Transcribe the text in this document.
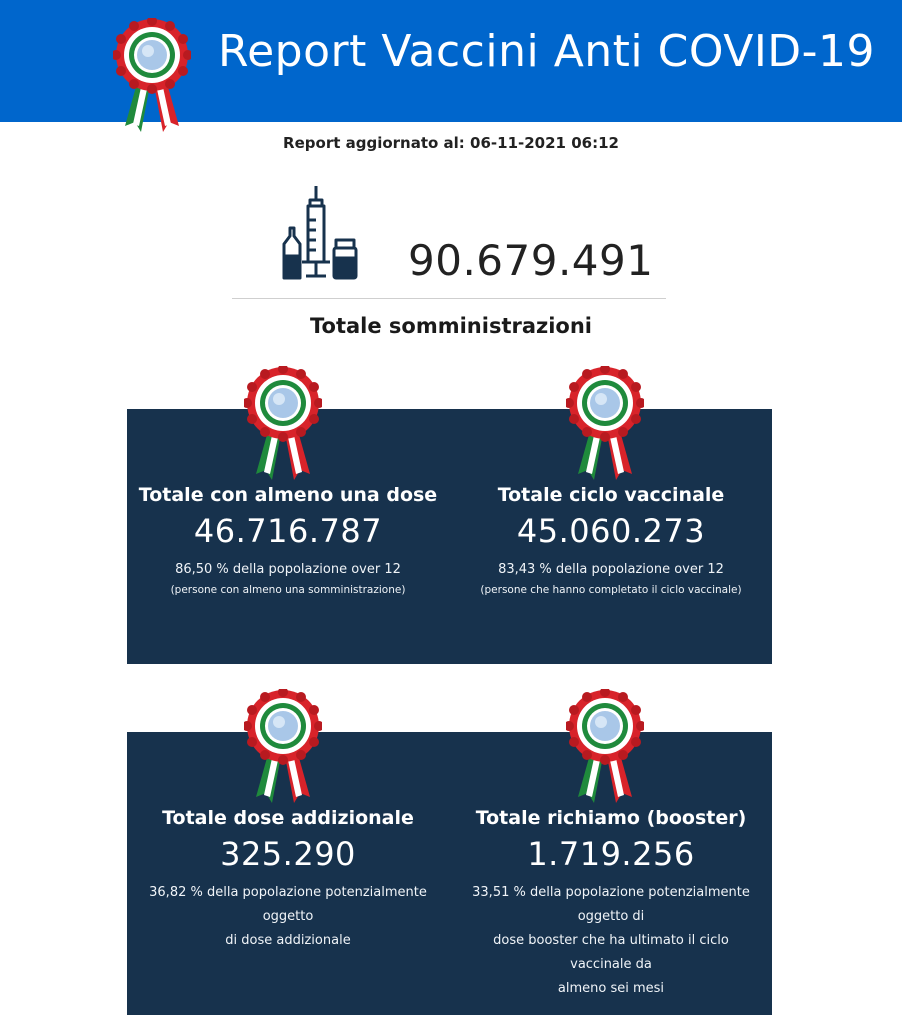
Report Vaccini Anti COVID-19
Report aggiornato al: 06-11-2021 06:12
90.679.491
Totale somministrazioni
Totale con almeno una dose
46.716.787
86,50 % della popolazione over 12
(persone con almeno una somministrazione)
Totale ciclo vaccinale
45.060.273
83,43 % della popolazione over 12
(persone che hanno completato il ciclo vaccinale)
Totale dose addizionale
325.290
36,82 % della popolazione potenzialmente
oggetto
di dose addizionale
Totale richiamo (booster)
1.719.256
33,51 % della popolazione potenzialmente
oggetto di
dose booster che ha ultimato il ciclo
vaccinale da
almeno sei mesi
